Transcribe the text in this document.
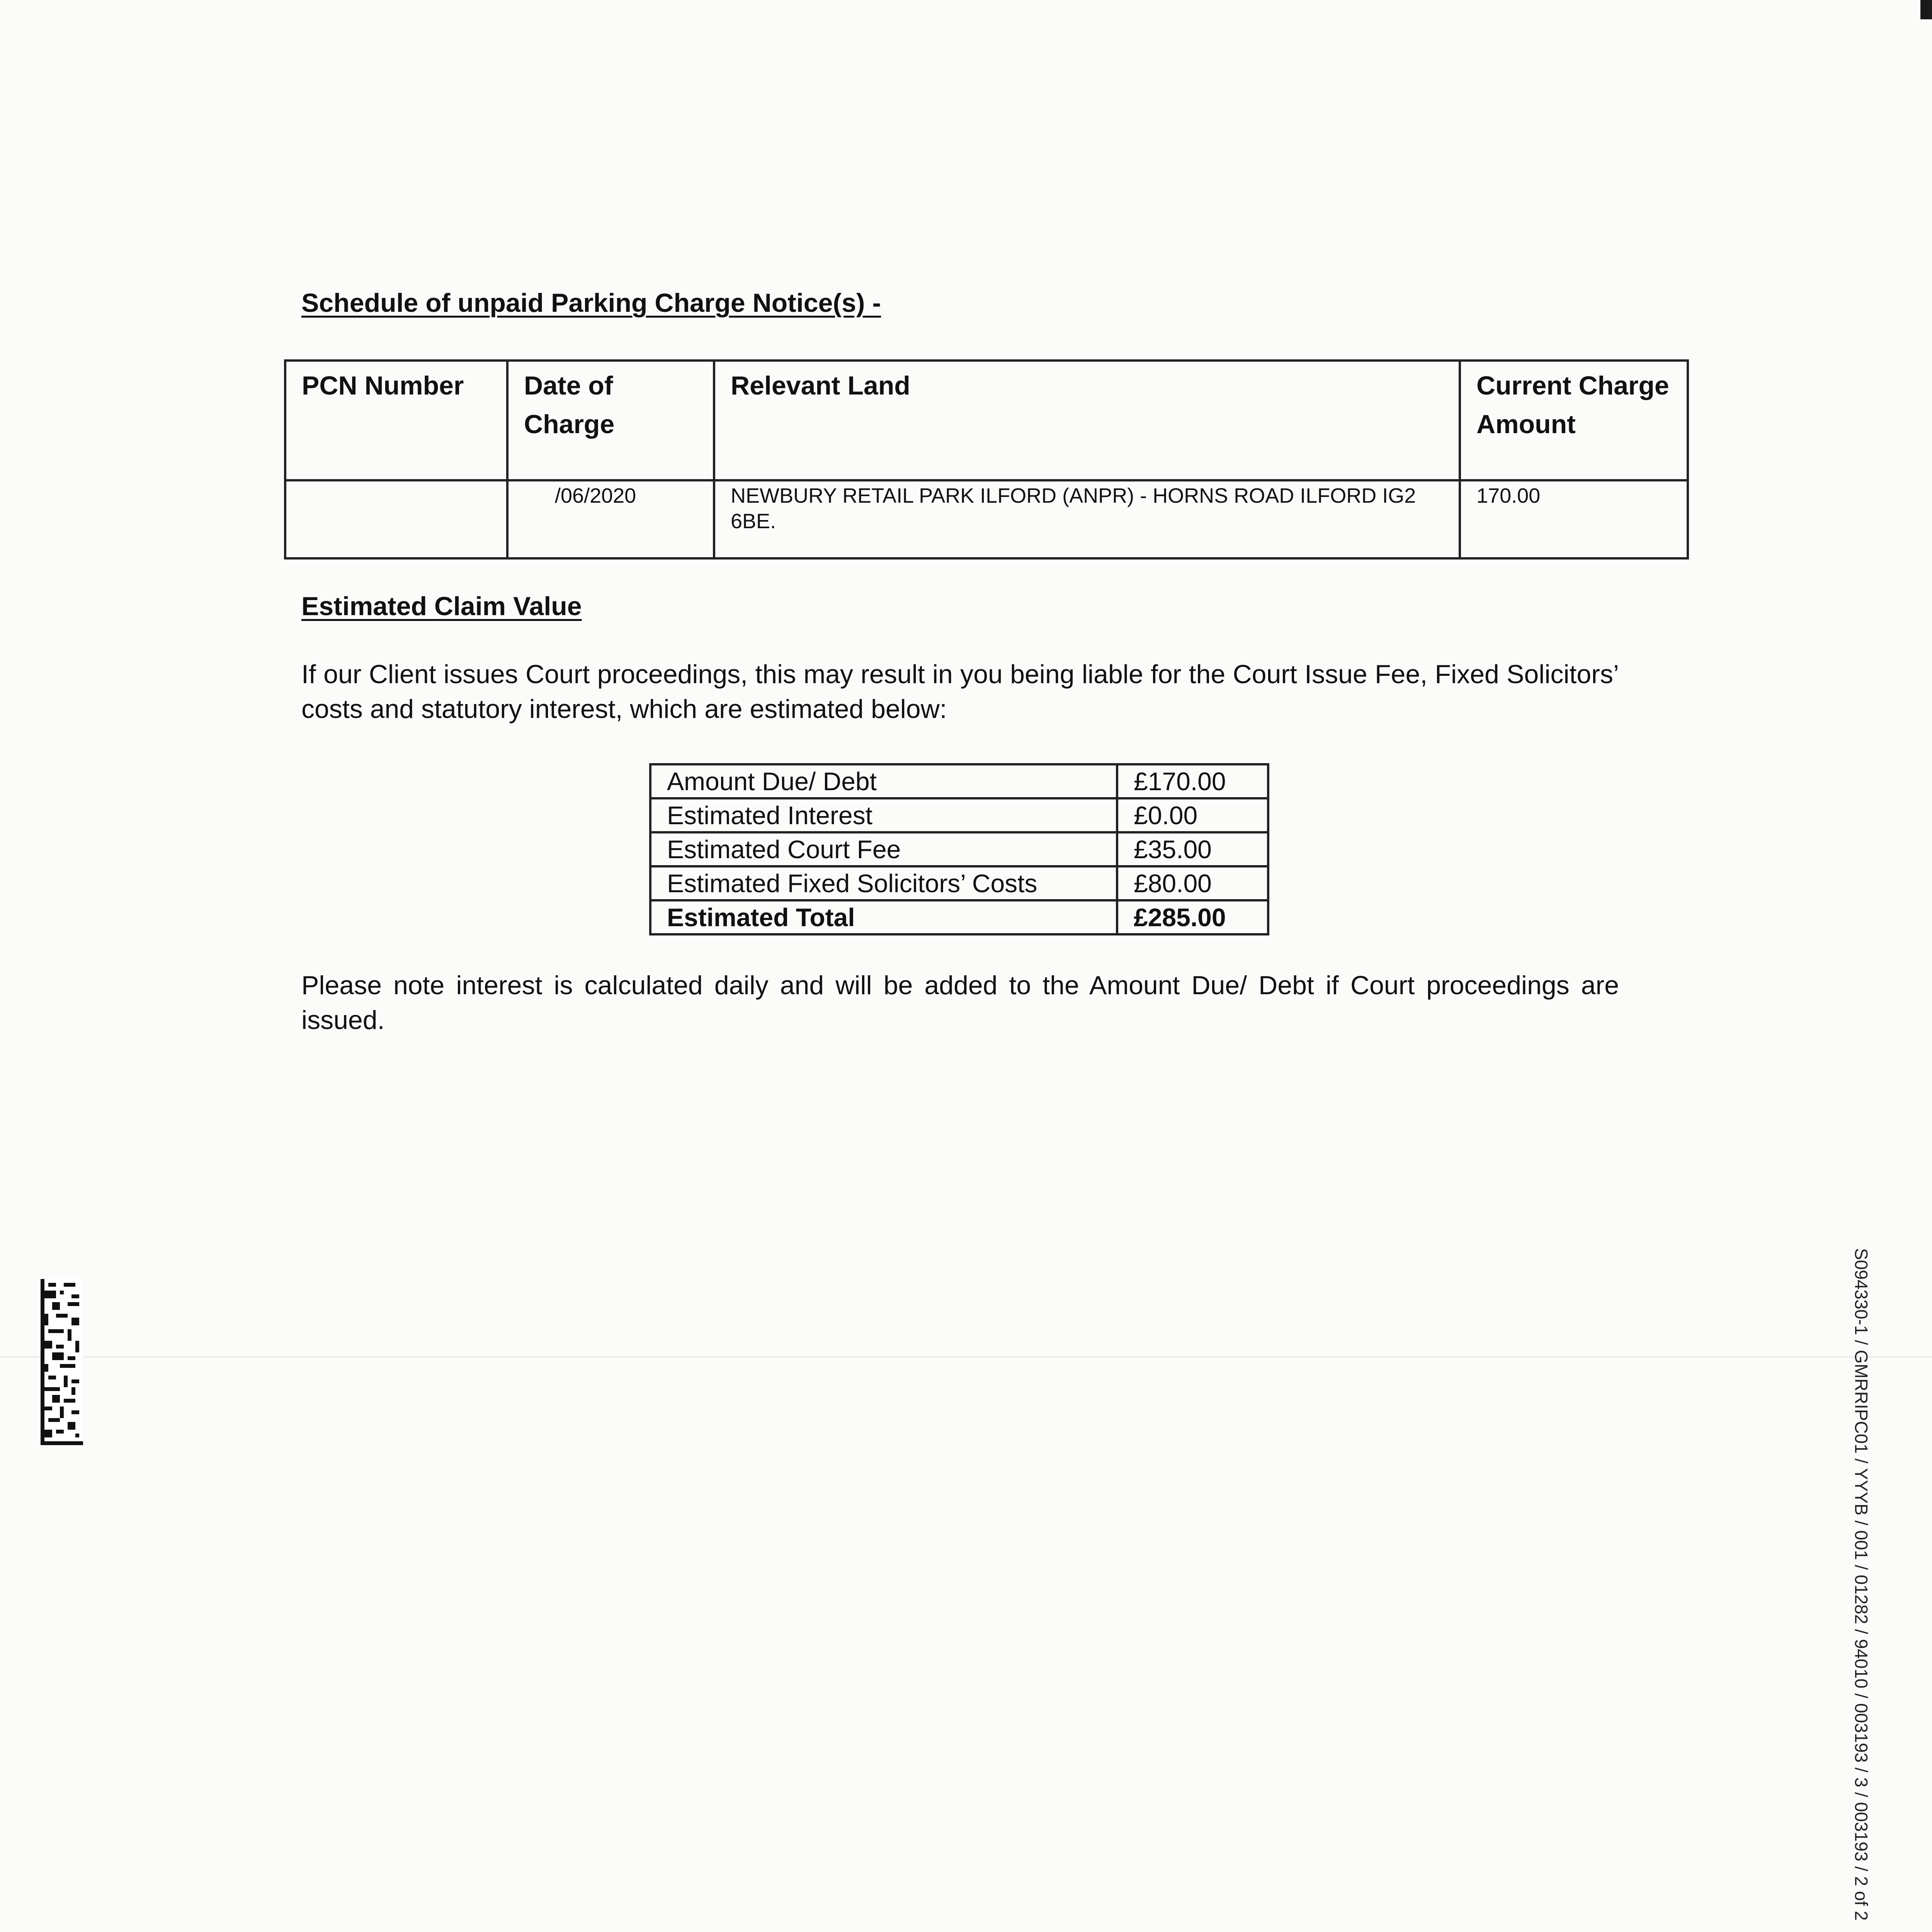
Schedule of unpaid Parking Charge Notice(s) -
PCN Number	Date of Charge	Relevant Land	Current Charge Amount
	/06/2020	NEWBURY RETAIL PARK ILFORD (ANPR) - HORNS ROAD ILFORD IG2 6BE.	170.00
Estimated Claim Value
If our Client issues Court proceedings, this may result in you being liable for the Court Issue Fee, Fixed Solicitors’ costs and statutory interest, which are estimated below:
Amount Due/ Debt	£170.00
Estimated Interest	£0.00
Estimated Court Fee	£35.00
Estimated Fixed Solicitors’ Costs	£80.00
Estimated Total	£285.00
Please note interest is calculated daily and will be added to the Amount Due/ Debt if Court proceedings are issued.
S094330-1 / GMRRIPC01 / YYYB / 001 / 01282 / 94010 / 003193 / 3 / 003193 / 2 of 2
